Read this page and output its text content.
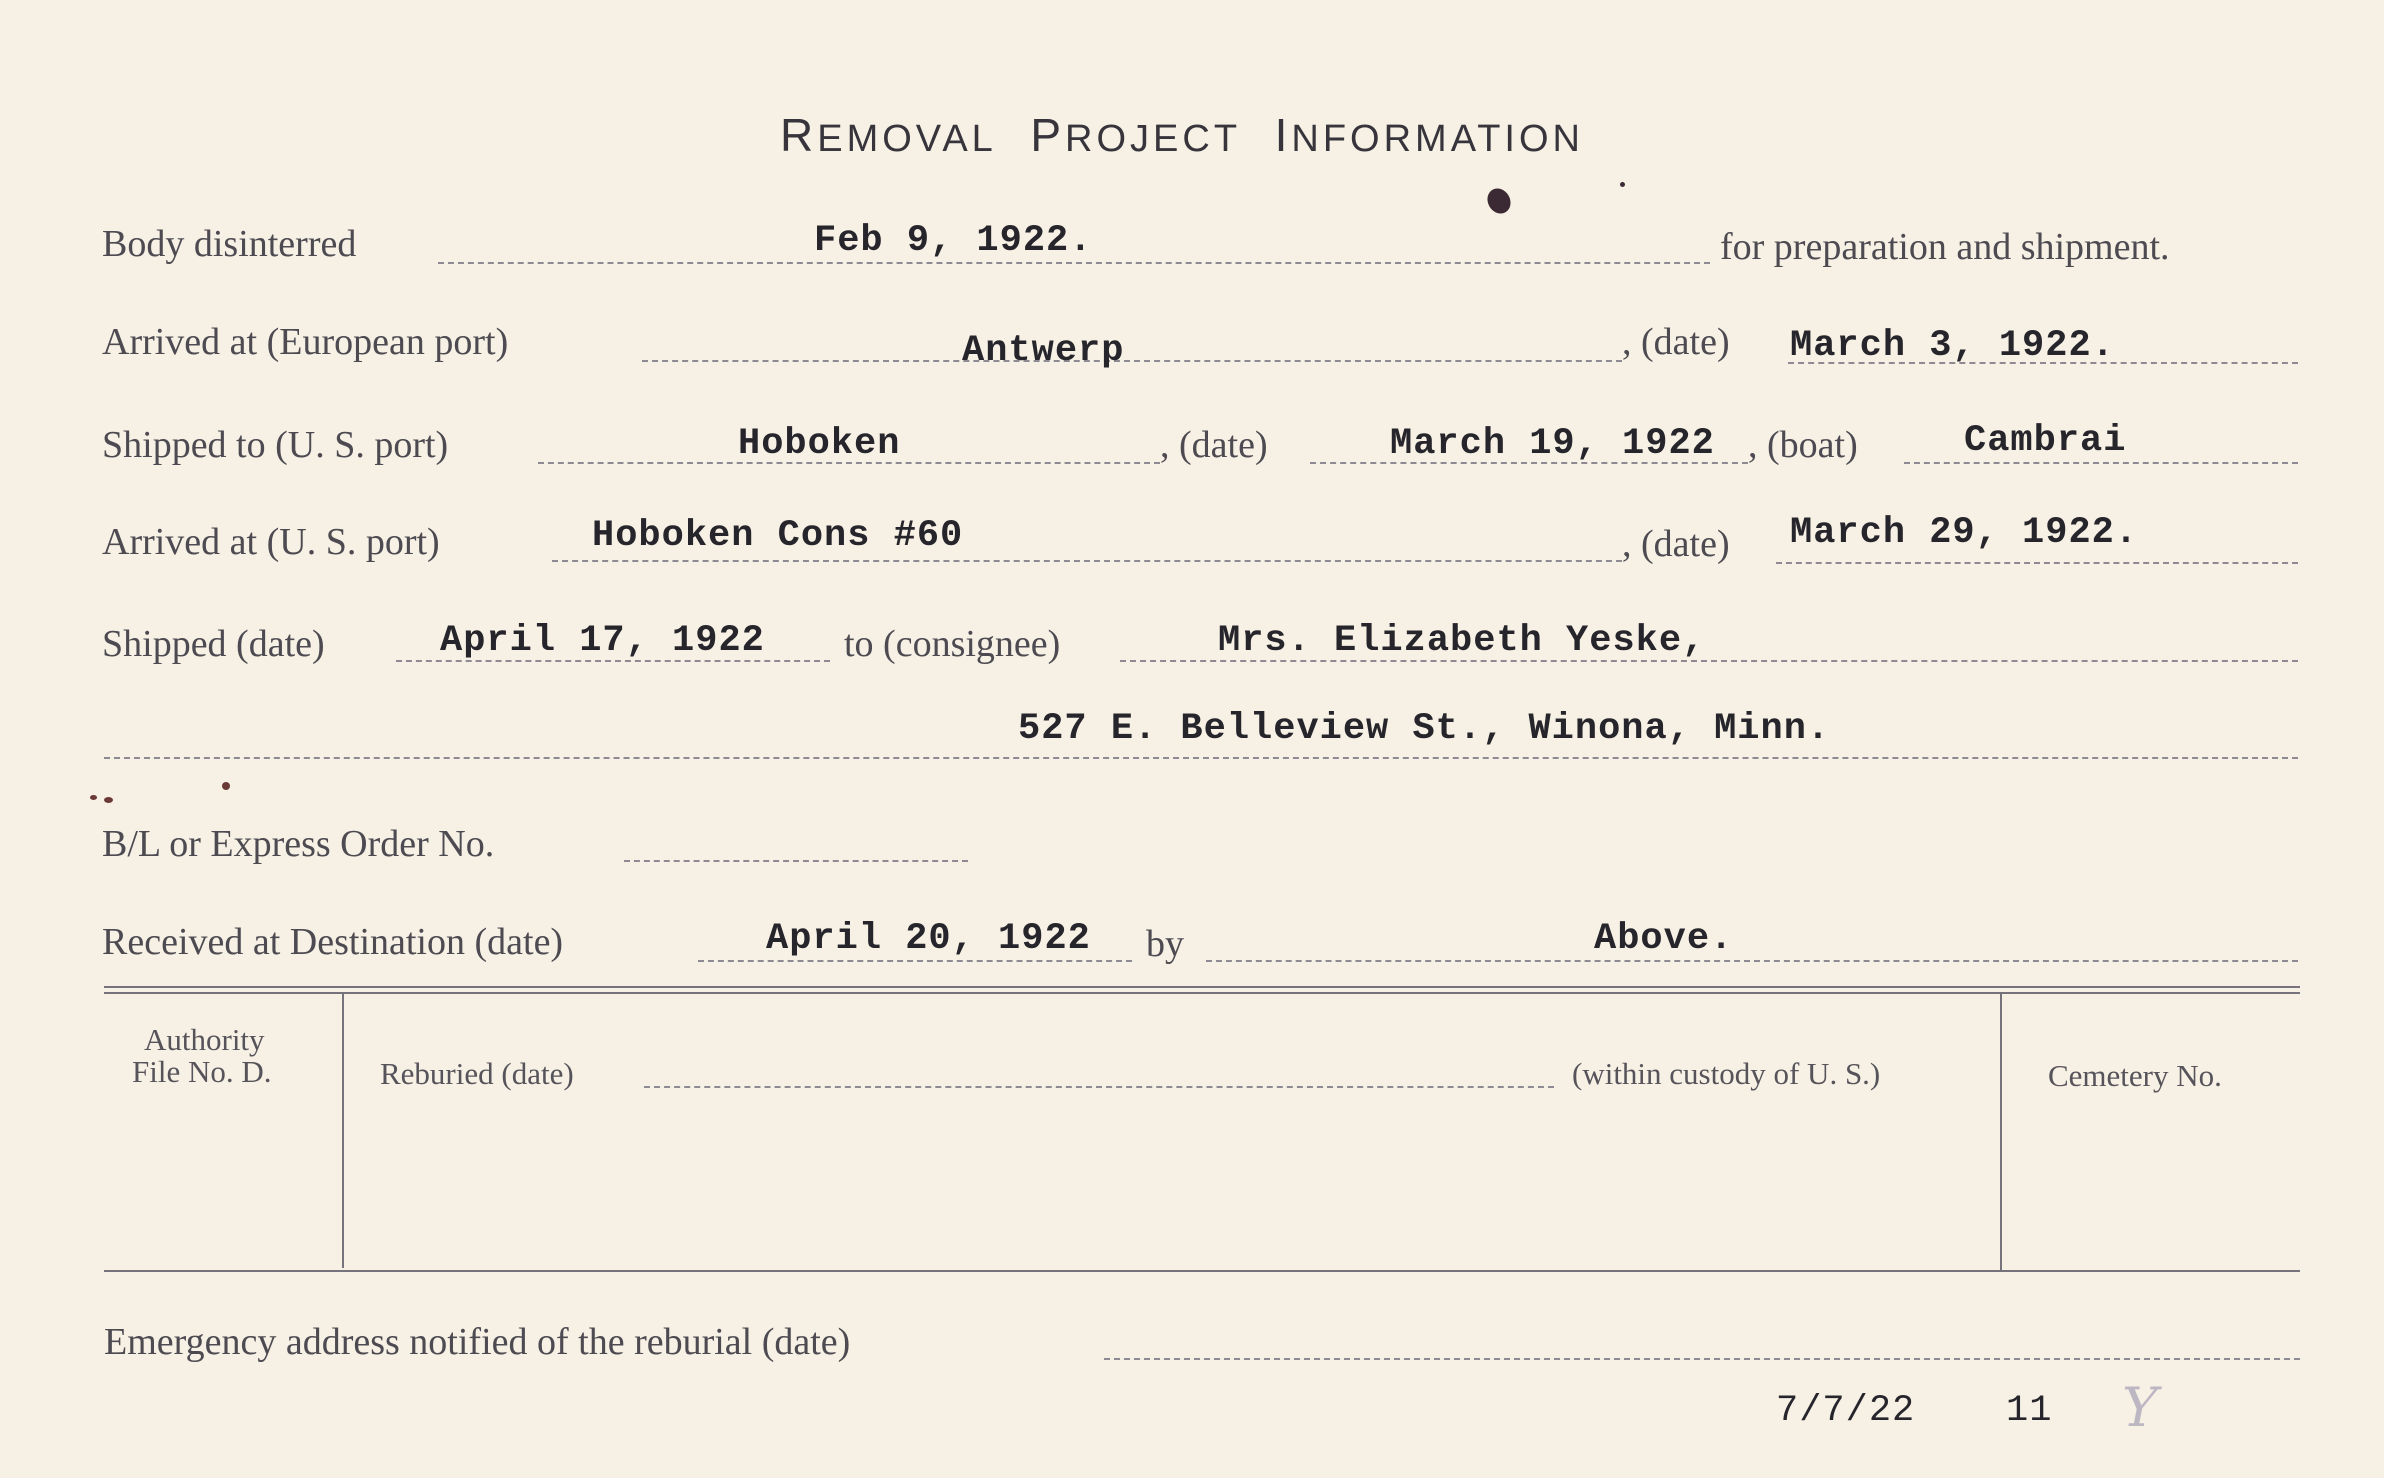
REMOVAL PROJECT INFORMATION
Body disinterred	Feb 9, 1922.	for preparation and shipment.
Arrived at (European port)	Antwerp	, (date) March 3, 1922.
Shipped to (U. S. port)	Hoboken	, (date)	March 19, 1922 , (boat)	Cambrai
Arrived at (U. S. port)	Hoboken Cons #60	, (date) March 29, 1922.
Shipped (date)	April 17, 1922 to (consignee)	Mrs. Elizabeth Yeske,
527 E. Belleview St., Winona, Minn.
B/L or Express Order No.
Received at Destination (date)	April 20, 1922 by	Above.
Authority
File No. D.	Reburied (date)	(within custody of U. S.)	Cemetery No.
Emergency address notified of the reburial (date)
7/7/22 11 Y
